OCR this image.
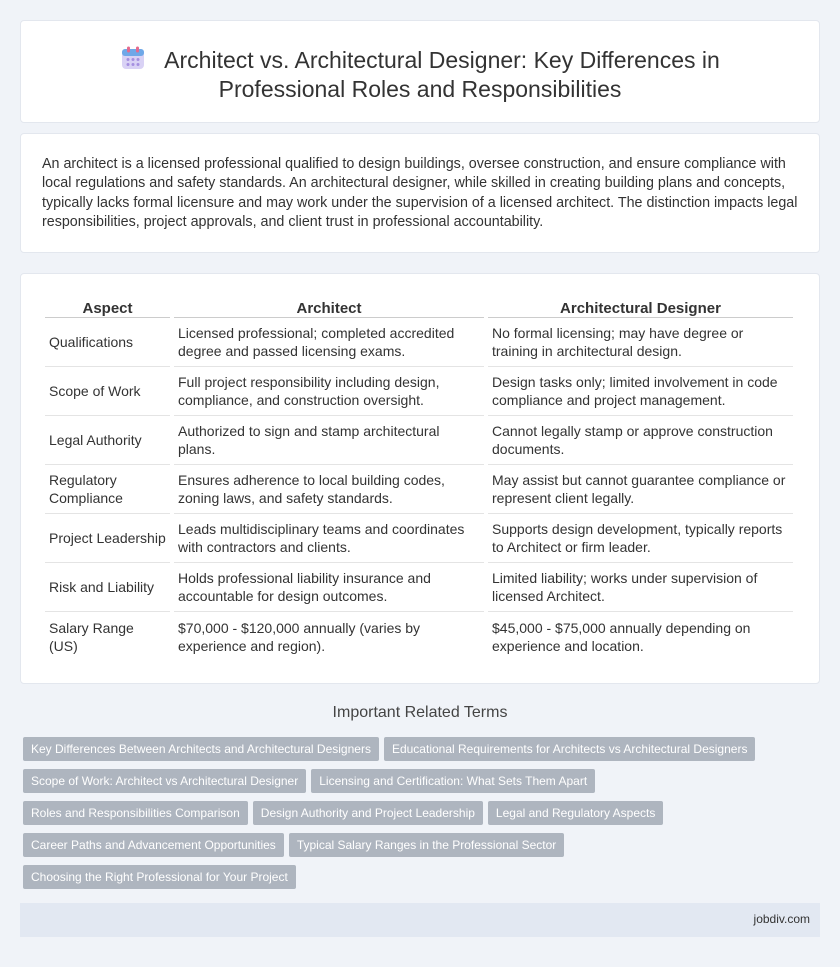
Architect vs. Architectural Designer: Key Differences in
Professional Roles and Responsibilities

An architect is a licensed professional qualified to design buildings, oversee construction, and ensure compliance with local regulations and safety standards. An architectural designer, while skilled in creating building plans and concepts, typically lacks formal licensure and may work under the supervision of a licensed architect. The distinction impacts legal responsibilities, project approvals, and client trust in professional accountability.

Aspect	Architect	Architectural Designer
Qualifications	Licensed professional; completed accredited degree and passed licensing exams.	No formal licensing; may have degree or training in architectural design.
Scope of Work	Full project responsibility including design, compliance, and construction oversight.	Design tasks only; limited involvement in code compliance and project management.
Legal Authority	Authorized to sign and stamp architectural plans.	Cannot legally stamp or approve construction documents.
Regulatory Compliance	Ensures adherence to local building codes, zoning laws, and safety standards.	May assist but cannot guarantee compliance or represent client legally.
Project Leadership	Leads multidisciplinary teams and coordinates with contractors and clients.	Supports design development, typically reports to Architect or firm leader.
Risk and Liability	Holds professional liability insurance and accountable for design outcomes.	Limited liability; works under supervision of licensed Architect.
Salary Range (US)	$70,000 - $120,000 annually (varies by experience and region).	$45,000 - $75,000 annually depending on experience and location.
Important Related Terms
Key Differences Between Architects and Architectural Designers Educational Requirements for Architects vs Architectural Designers
Scope of Work: Architect vs Architectural Designer Licensing and Certification: What Sets Them Apart
Roles and Responsibilities Comparison Design Authority and Project Leadership Legal and Regulatory Aspects
Career Paths and Advancement Opportunities Typical Salary Ranges in the Professional Sector
Choosing the Right Professional for Your Project
jobdiv.com
